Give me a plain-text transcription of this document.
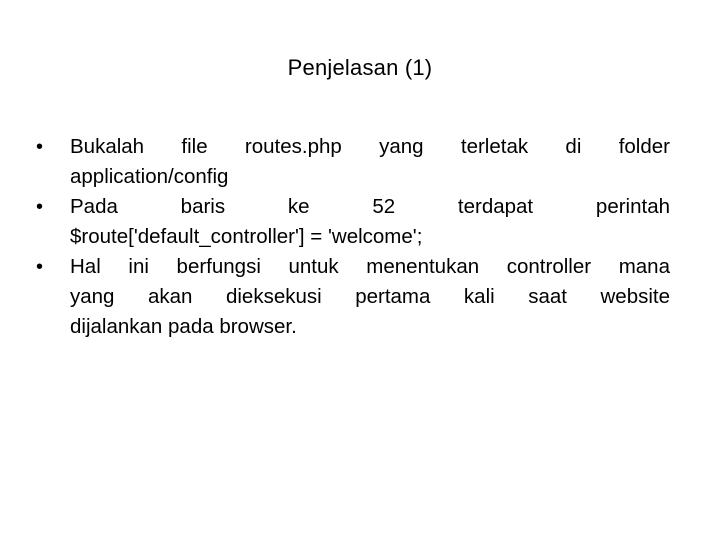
Penjelasan (1)
•	Bukalah file routes.php yang terletak di folder
application/config
•	Pada baris ke 52 terdapat perintah
$route['default_controller'] = 'welcome';
•	Hal ini berfungsi untuk menentukan controller mana
yang akan dieksekusi pertama kali saat website
dijalankan pada browser.
